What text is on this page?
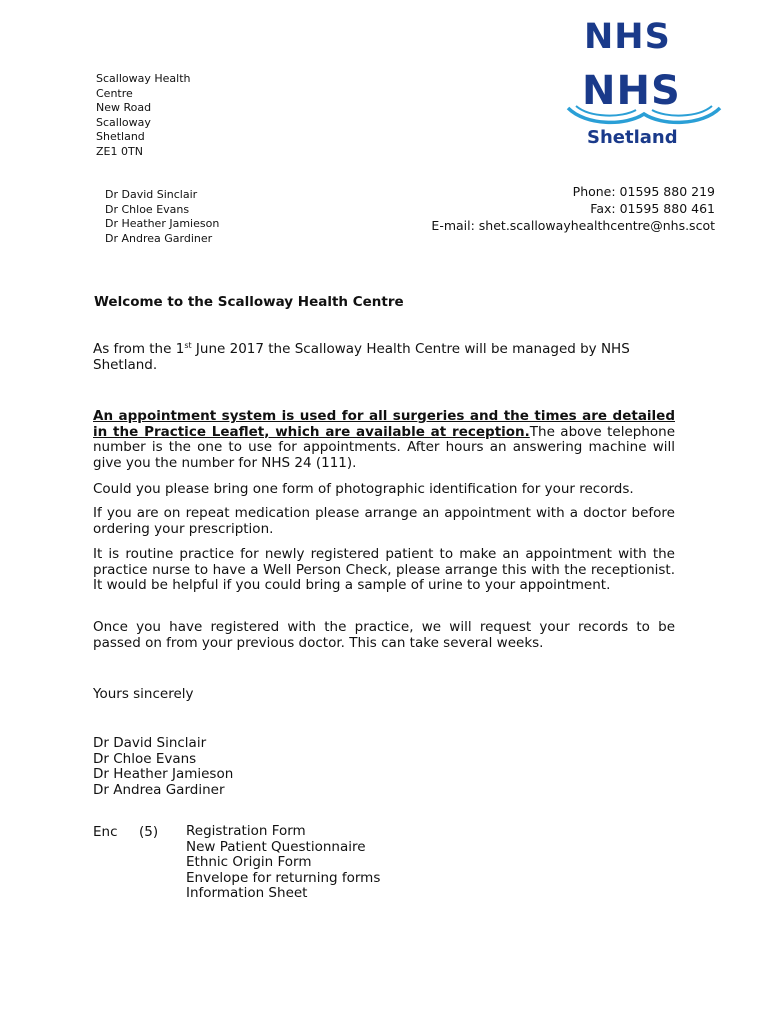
Scalloway Health
Centre
New Road
Scalloway
Shetland
ZE1 0TN
NHS
NHS
Shetland
Dr David Sinclair
Dr Chloe Evans
Dr Heather Jamieson
Dr Andrea Gardiner
Phone: 01595 880 219
Fax: 01595 880 461
E-mail: shet.scallowayhealthcentre@nhs.scot
Welcome to the Scalloway Health Centre
As from the 1st June 2017 the Scalloway Health Centre will be managed by NHS Shetland.
An appointment system is used for all surgeries and the times are detailed in the Practice Leaflet, which are available at reception.The above telephone number is the one to use for appointments. After hours an answering machine will give you the number for NHS 24 (111).
Could you please bring one form of photographic identification for your records.
If you are on repeat medication please arrange an appointment with a doctor before ordering your prescription.
It is routine practice for newly registered patient to make an appointment with the practice nurse to have a Well Person Check, please arrange this with the receptionist. It would be helpful if you could bring a sample of urine to your appointment.
Once you have registered with the practice, we will request your records to be passed on from your previous doctor. This can take several weeks.
Yours sincerely
Dr David Sinclair
Dr Chloe Evans
Dr Heather Jamieson
Dr Andrea Gardiner
Enc (5) Registration Form
New Patient Questionnaire
Ethnic Origin Form
Envelope for returning forms
Information Sheet
